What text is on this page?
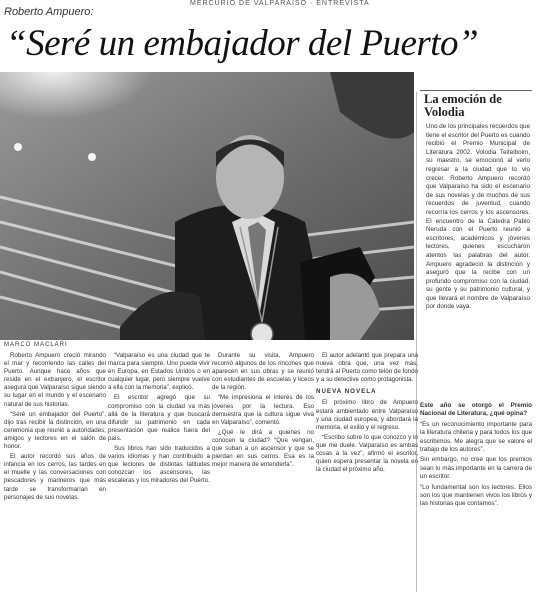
MERCURIO DE VALPARAISO · ENTREVISTA
Roberto Ampuero:
“Seré un embajador del Puerto”
MARCO MACLARI
La emoción de Volodia
Uno de los principales recuerdos que tiene el escritor del Puerto es cuando recibió el Premio Municipal de Literatura 2002. Volodia Teitelboim, su maestro, se emocionó al verlo regresar a la ciudad que lo vio crecer. Roberto Ampuero recordó que Valparaíso ha sido el escenario de sus novelas y de muchos de sus recuerdos de juventud, cuando recorría los cerros y los ascensores. El encuentro de la Cátedra Pablo Neruda con el Puerto reunió a escritores, académicos y jóvenes lectores, quienes escucharon atentos las palabras del autor. Ampuero agradeció la distinción y aseguró que la recibe con un profundo compromiso con la ciudad, su gente y su patrimonio cultural, y que llevará el nombre de Valparaíso por donde vaya.

Roberto Ampuero creció mirando el mar y recorriendo las calles del Puerto. Aunque hace años que reside en el extranjero, el escritor asegura que Valparaíso sigue siendo su lugar en el mundo y el escenario natural de sus historias.

“Seré un embajador del Puerto”, dijo tras recibir la distinción, en una ceremonia que reunió a autoridades, amigos y lectores en el salón de honor.

El autor recordó sus años de infancia en los cerros, las tardes en el muelle y las conversaciones con pescadores y marineros que más tarde se transformarían en personajes de sus novelas.

“Valparaíso es una ciudad que te marca para siempre. Uno puede vivir en Europa, en Estados Unidos o en cualquier lugar, pero siempre vuelve a ella con la memoria”, explicó.

El escritor agregó que su compromiso con la ciudad va más allá de la literatura y que buscará difundir su patrimonio en cada presentación que realice fuera del país.

Sus libros han sido traducidos a varios idiomas y han contribuido a que lectores de distintas latitudes conozcan los ascensores, las escaleras y los miradores del Puerto.

Durante su visita, Ampuero recorrió algunos de los rincones que aparecen en sus obras y se reunió con estudiantes de escuelas y liceos de la región.

“Me impresiona el interés de los jóvenes por la lectura. Eso demuestra que la cultura sigue viva en Valparaíso”, comentó.

¿Qué le dirá a quienes no conocen la ciudad? “Que vengan, que suban a un ascensor y que se pierdan en sus cerros. Esa es la mejor manera de entenderla”.

El autor adelantó que prepara una nueva obra que, una vez más, tendrá al Puerto como telón de fondo y a su detective como protagonista.

NUEVA NOVELA

El próximo libro de Ampuero estará ambientado entre Valparaíso y una ciudad europea, y abordará la memoria, el exilio y el regreso.

“Escribo sobre lo que conozco y lo que me duele. Valparaíso es ambas cosas a la vez”, afirmó el escritor, quien espera presentar la novela en la ciudad el próximo año.

Este año se otorgó el Premio Nacional de Literatura, ¿qué opina?

“Es un reconocimiento importante para la literatura chilena y para todos los que escribimos. Me alegra que se valore el trabajo de los autores”.

Sin embargo, no cree que los premios sean lo más importante en la carrera de un escritor.

“Lo fundamental son los lectores. Ellos son los que mantienen vivos los libros y las historias que contamos”.
